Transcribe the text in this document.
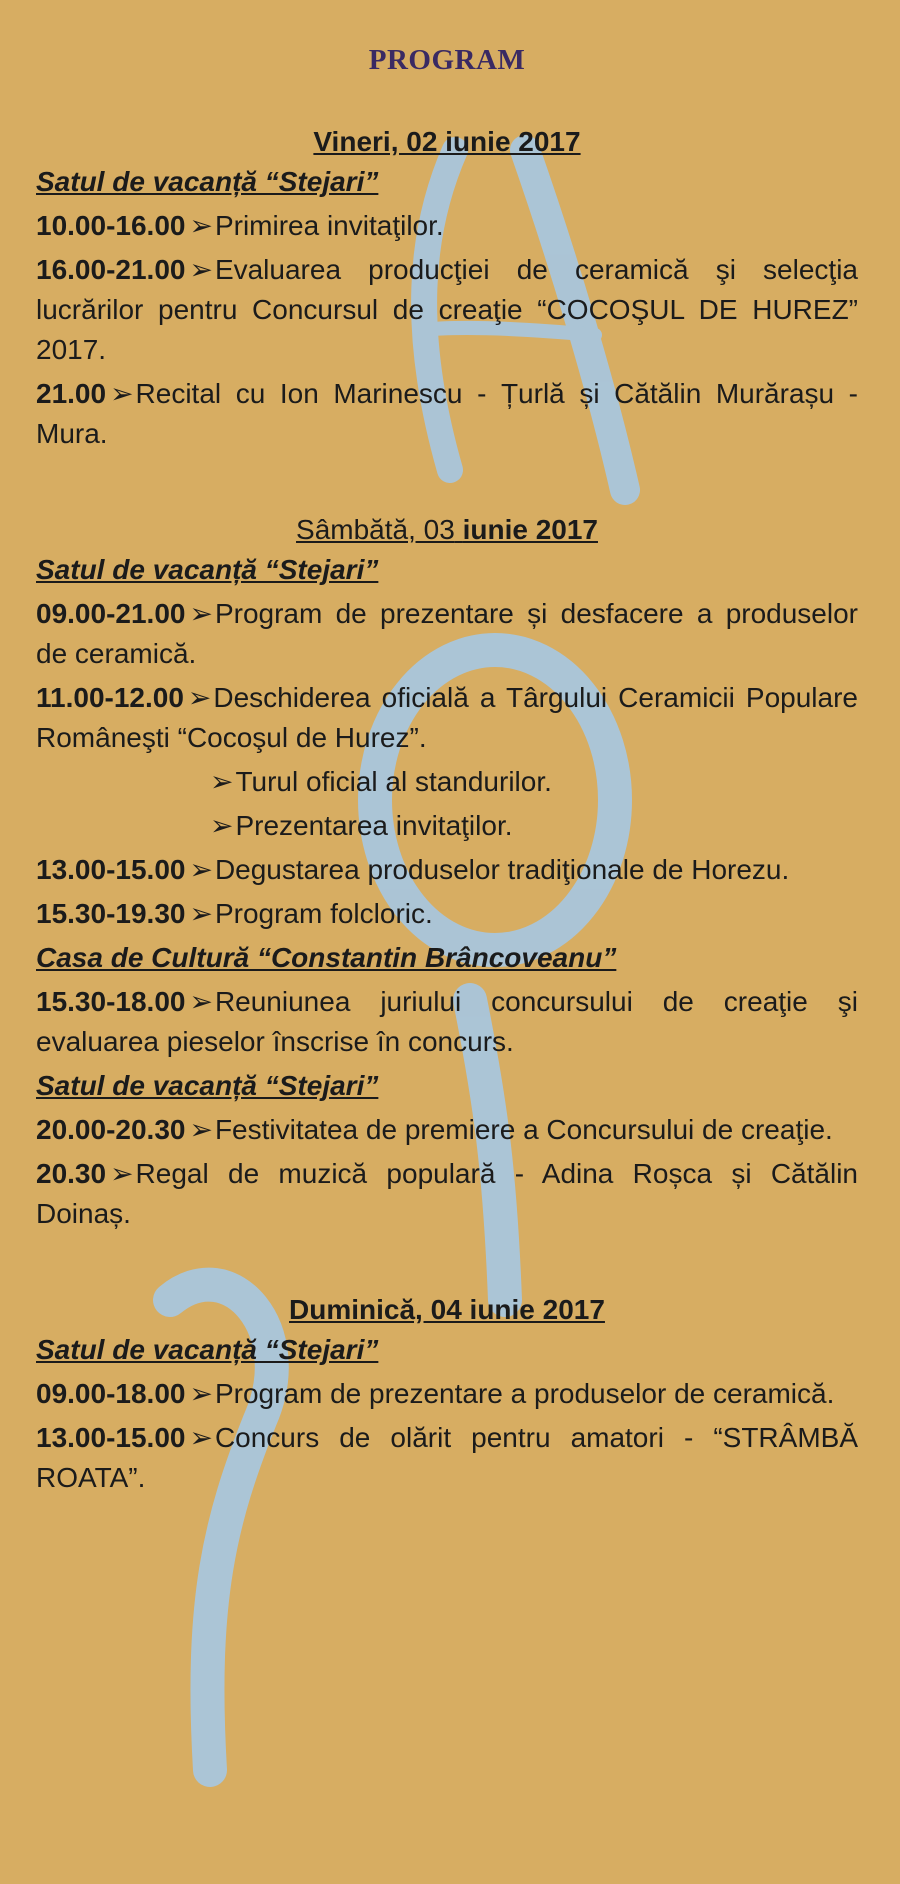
PROGRAM
Vineri, 02 iunie 2017
Satul de vacanță “Stejari”
10.00-16.00 ➢Primirea invitaţilor.
16.00-21.00 ➢Evaluarea producţiei de ceramică şi selecţia lucrărilor pentru Concursul de creaţie “COCOŞUL DE HUREZ” 2017.
21.00 ➢Recital cu Ion Marinescu - Țurlă și Cătălin Murărașu - Mura.
Sâmbătă, 03 iunie 2017
Satul de vacanță “Stejari”
09.00-21.00 ➢Program de prezentare și desfacere a produselor de ceramică.
11.00-12.00 ➢Deschiderea oficială a Târgului Ceramicii Populare Româneşti “Cocoşul de Hurez”.
➢Turul oficial al standurilor.
➢Prezentarea invitaţilor.
13.00-15.00 ➢Degustarea produselor tradiţionale de Horezu.
15.30-19.30 ➢Program folcloric.
Casa de Cultură “Constantin Brâncoveanu”
15.30-18.00 ➢Reuniunea juriului concursului de creaţie şi evaluarea pieselor înscrise în concurs.
Satul de vacanță “Stejari”
20.00-20.30 ➢Festivitatea de premiere a Concursului de creaţie.
20.30 ➢Regal de muzică populară - Adina Roșca și Cătălin Doinaș.
Duminică, 04 iunie 2017
Satul de vacanță “Stejari”
09.00-18.00 ➢Program de prezentare a produselor de ceramică.
13.00-15.00 ➢Concurs de olărit pentru amatori - “STRÂMBĂ ROATA”.
